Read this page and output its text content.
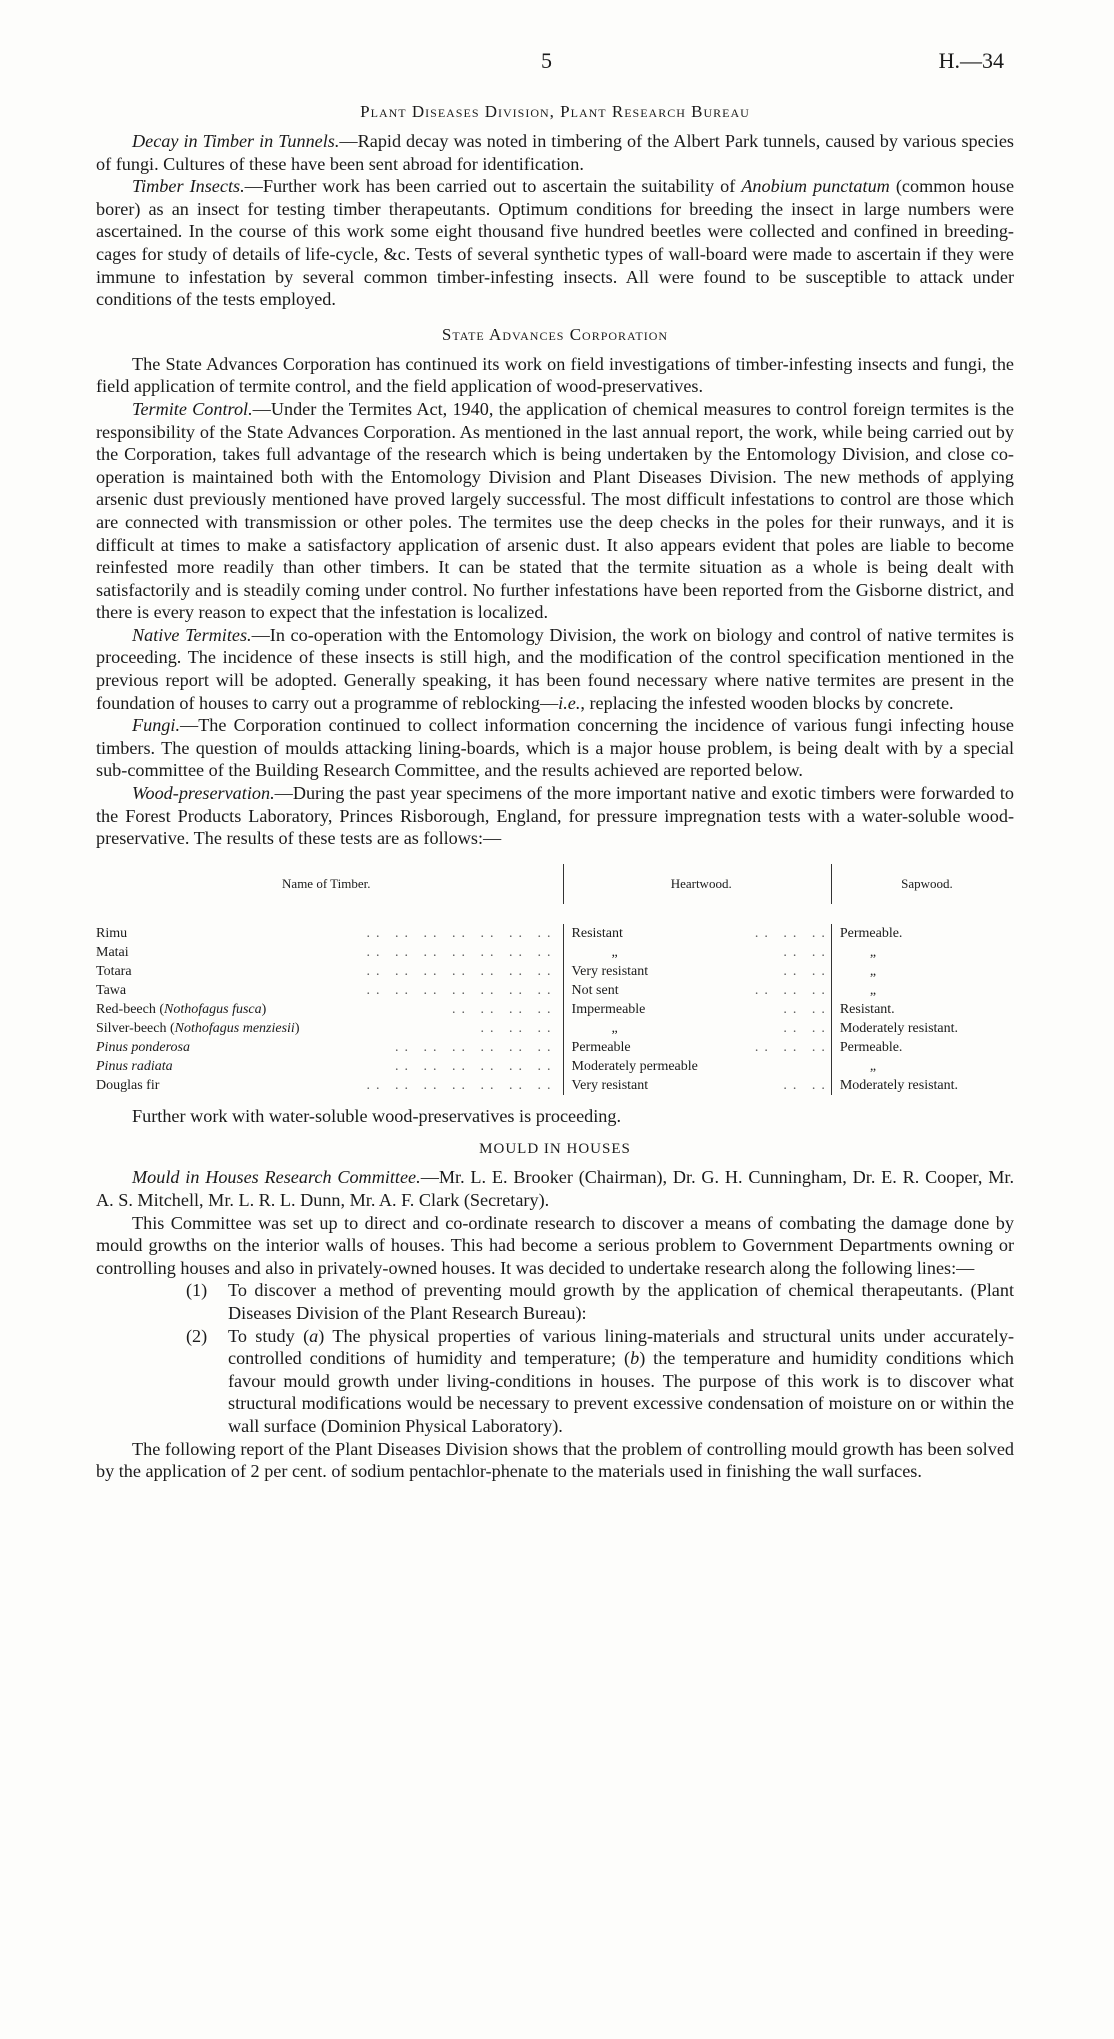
5	H.—34
Plant Diseases Division, Plant Research Bureau

Decay in Timber in Tunnels.—Rapid decay was noted in timbering of the Albert Park tunnels, caused by various species of fungi. Cultures of these have been sent abroad for identification.

Timber Insects.—Further work has been carried out to ascertain the suitability of Anobium punctatum (common house borer) as an insect for testing timber therapeutants. Optimum conditions for breeding the insect in large numbers were ascertained. In the course of this work some eight thousand five hundred beetles were collected and confined in breeding-cages for study of details of life-cycle, &c. Tests of several synthetic types of wall-board were made to ascertain if they were immune to infestation by several common timber-infesting insects. All were found to be susceptible to attack under conditions of the tests employed.

State Advances Corporation

The State Advances Corporation has continued its work on field investigations of timber-infesting insects and fungi, the field application of termite control, and the field application of wood-preservatives.

Termite Control.—Under the Termites Act, 1940, the application of chemical measures to control foreign termites is the responsibility of the State Advances Corporation. As mentioned in the last annual report, the work, while being carried out by the Corporation, takes full advantage of the research which is being undertaken by the Entomology Division, and close co-operation is maintained both with the Entomology Division and Plant Diseases Division. The new methods of applying arsenic dust previously mentioned have proved largely successful. The most difficult infestations to control are those which are connected with transmission or other poles. The termites use the deep checks in the poles for their runways, and it is difficult at times to make a satisfactory application of arsenic dust. It also appears evident that poles are liable to become reinfested more readily than other timbers. It can be stated that the termite situation as a whole is being dealt with satisfactorily and is steadily coming under control. No further infestations have been reported from the Gisborne district, and there is every reason to expect that the infestation is localized.

Native Termites.—In co-operation with the Entomology Division, the work on biology and control of native termites is proceeding. The incidence of these insects is still high, and the modification of the control specification mentioned in the previous report will be adopted. Generally speaking, it has been found necessary where native termites are present in the foundation of houses to carry out a programme of reblocking—i.e., replacing the infested wooden blocks by concrete.

Fungi.—The Corporation continued to collect information concerning the incidence of various fungi infecting house timbers. The question of moulds attacking lining-boards, which is a major house problem, is being dealt with by a special sub-committee of the Building Research Committee, and the results achieved are reported below.

Wood-preservation.—During the past year specimens of the more important native and exotic timbers were forwarded to the Forest Products Laboratory, Princes Risborough, England, for pressure impregnation tests with a water-soluble wood-preservative. The results of these tests are as follows:—

Name of Timber.	Heartwood.	Sapwood.
Rimu	.. .. .. .. .. .. .. Resistant	.. .. .. Permeable.
Matai	.. .. .. .. .. .. ..	„	.. ..	„
Totara	.. .. .. .. .. .. .. Very resistant	.. ..	„
Tawa	.. .. .. .. .. .. .. Not sent	.. .. ..	„
Red-beech (Nothofagus fusca)	.. .. .. .. Impermeable	.. .. Resistant.
Silver-beech (Nothofagus menziesii)	.. .. ..	„	.. .. Moderately resistant.
Pinus ponderosa	.. .. .. .. .. .. Permeable	.. .. .. Permeable.
Pinus radiata	.. .. .. .. .. .. Moderately permeable	„
Douglas fir	.. .. .. .. .. .. .. Very resistant	.. .. Moderately resistant.

Further work with water-soluble wood-preservatives is proceeding.

MOULD IN HOUSES

Mould in Houses Research Committee.—Mr. L. E. Brooker (Chairman), Dr. G. H. Cunningham, Dr. E. R. Cooper, Mr. A. S. Mitchell, Mr. L. R. L. Dunn, Mr. A. F. Clark (Secretary).

This Committee was set up to direct and co-ordinate research to discover a means of combating the damage done by mould growths on the interior walls of houses. This had become a serious problem to Government Departments owning or controlling houses and also in privately-owned houses. It was decided to undertake research along the following lines:—

(1)	To discover a method of preventing mould growth by the application of chemical therapeutants. (Plant Diseases Division of the Plant Research Bureau):
(2)	To study (a) The physical properties of various lining-materials and structural units under accurately-controlled conditions of humidity and temperature; (b) the temperature and humidity conditions which favour mould growth under living-conditions in houses. The purpose of this work is to discover what structural modifications would be necessary to prevent excessive condensation of moisture on or within the wall surface (Dominion Physical Laboratory).

The following report of the Plant Diseases Division shows that the problem of controlling mould growth has been solved by the application of 2 per cent. of sodium pentachlor-phenate to the materials used in finishing the wall surfaces.
